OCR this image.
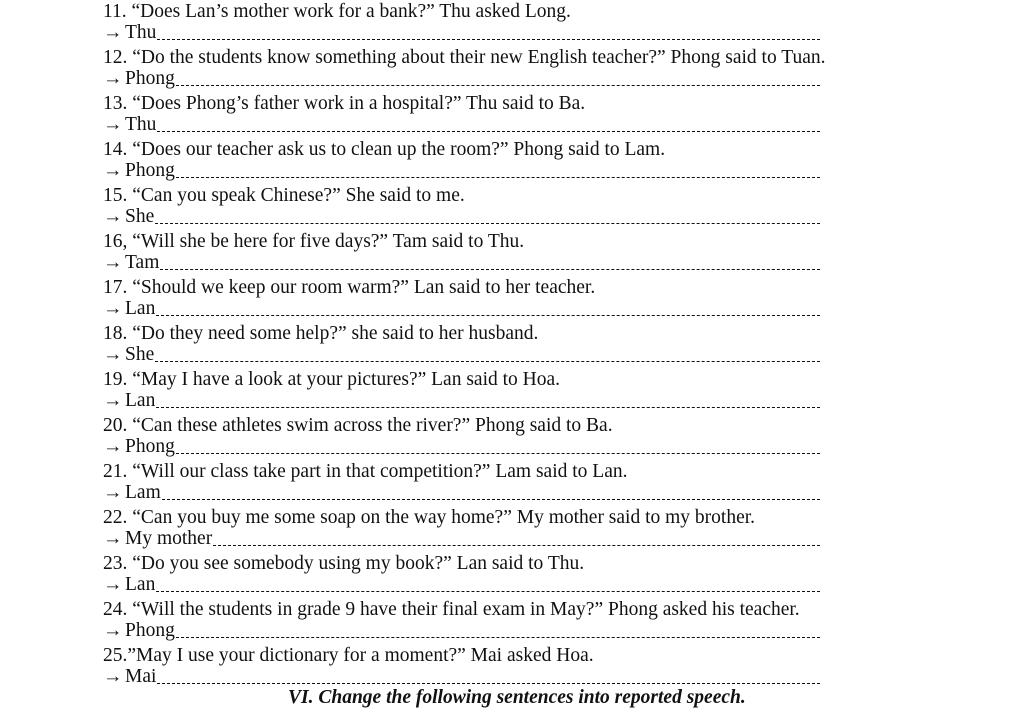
11. “Does Lan’s mother work for a bank?” Thu asked Long.
→ Thu
12. “Do the students know something about their new English teacher?” Phong said to Tuan.
→ Phong
13. “Does Phong’s father work in a hospital?” Thu said to Ba.
→ Thu
14. “Does our teacher ask us to clean up the room?” Phong said to Lam.
→ Phong
15. “Can you speak Chinese?” She said to me.
→ She
16, “Will she be here for five days?” Tam said to Thu.
→ Tam
17. “Should we keep our room warm?” Lan said to her teacher.
→ Lan
18. “Do they need some help?” she said to her husband.
→ She
19. “May I have a look at your pictures?” Lan said to Hoa.
→ Lan
20. “Can these athletes swim across the river?” Phong said to Ba.
→ Phong
21. “Will our class take part in that competition?” Lam said to Lan.
→ Lam
22. “Can you buy me some soap on the way home?” My mother said to my brother.
→ My mother
23. “Do you see somebody using my book?” Lan said to Thu.
→ Lan
24. “Will the students in grade 9 have their final exam in May?” Phong asked his teacher.
→ Phong
25.”May I use your dictionary for a moment?” Mai asked Hoa.
→ Mai
VI. Change the following sentences into reported speech.
